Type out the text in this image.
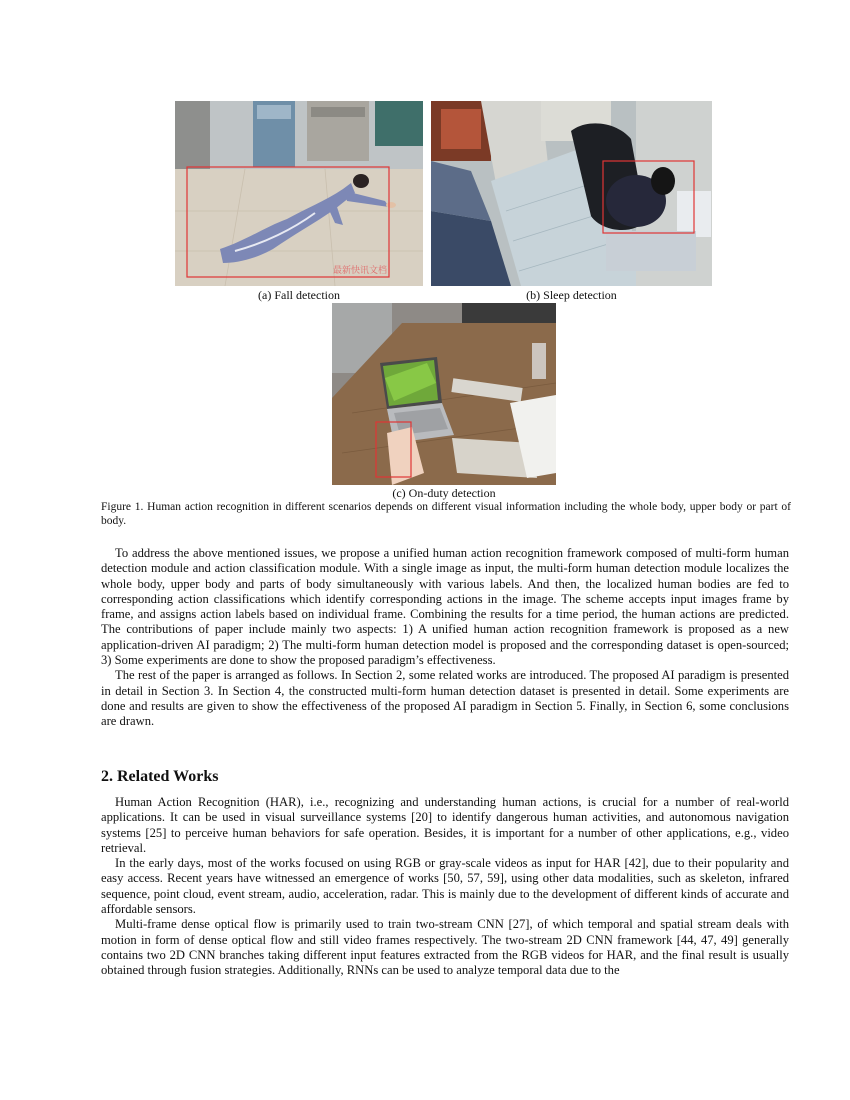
最新快讯文档
(a) Fall detection	(b) Sleep detection
(c) On-duty detection
Figure 1. Human action recognition in different scenarios depends on different visual information including the whole body, upper body or part of body.

To address the above mentioned issues, we propose a unified human action recognition framework composed of multi-form human detection module and action classification module. With a single image as input, the multi-form human detection module localizes the whole body, upper body and parts of body simultaneously with various labels. And then, the localized human bodies are fed to corresponding action classifications which identify corresponding actions in the image. The scheme accepts input images frame by frame, and assigns action labels based on individual frame. Combining the results for a time period, the human actions are predicted. The contributions of paper include mainly two aspects: 1) A unified human action recognition framework is proposed as a new application-driven AI paradigm; 2) The multi-form human detection model is proposed and the corresponding dataset is open-sourced; 3) Some experiments are done to show the proposed paradigm’s effectiveness.

The rest of the paper is arranged as follows. In Section 2, some related works are introduced. The proposed AI paradigm is presented in detail in Section 3. In Section 4, the constructed multi-form human detection dataset is presented in detail. Some experiments are done and results are given to show the effectiveness of the proposed AI paradigm in Section 5. Finally, in Section 6, some conclusions are drawn.

2. Related Works

Human Action Recognition (HAR), i.e., recognizing and understanding human actions, is crucial for a number of real-world applications. It can be used in visual surveillance systems [20] to identify dangerous human activities, and autonomous navigation systems [25] to perceive human behaviors for safe operation. Besides, it is important for a number of other applications, e.g., video retrieval.

In the early days, most of the works focused on using RGB or gray-scale videos as input for HAR [42], due to their popularity and easy access. Recent years have witnessed an emergence of works [50, 57, 59], using other data modalities, such as skeleton, infrared sequence, point cloud, event stream, audio, acceleration, radar. This is mainly due to the development of different kinds of accurate and affordable sensors.

Multi-frame dense optical flow is primarily used to train two-stream CNN [27], of which temporal and spatial stream deals with motion in form of dense optical flow and still video frames respectively. The two-stream 2D CNN framework [44, 47, 49] generally contains two 2D CNN branches taking different input features extracted from the RGB videos for HAR, and the final result is usually obtained through fusion strategies. Additionally, RNNs can be used to analyze temporal data due to the
